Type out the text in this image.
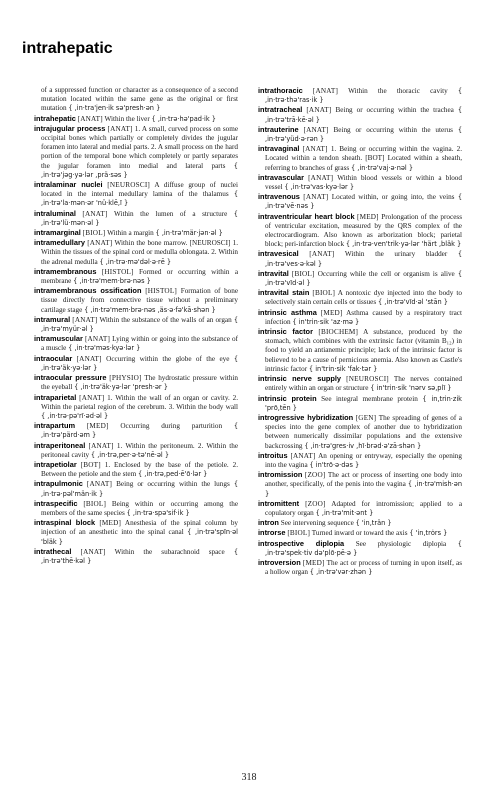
intrahepatic

of a suppressed function or character as a consequence of a second mutation located within the same gene as the original or first mutation { ,in·tra'jen·ik sə'presh·ən }

intrahepatic [ANAT] Within the liver { ,in·trə·hə'pad·ik }

intrajugular process [ANAT] 1. A small, curved process on some occipital bones which partially or completely divides the jugular foramen into lateral and medial parts. 2. A small process on the hard portion of the temporal bone which completely or partly separates the jugular foramen into medial and lateral parts { ,in·trə'jəg·yə·lər ,prä·səs }

intralaminar nuclei [NEUROSCI] A diffuse group of nuclei located in the internal medullary lamina of the thalamus { ,in·trə'la·mən·ər 'nü·klē,ī }

intraluminal [ANAT] Within the lumen of a structure { ,in·trə'lü·mən·əl }

intramarginal [BIOL] Within a margin { ,in·trə'mär·jən·əl }

intramedullary [ANAT] Within the bone marrow. [NEUROSCI] 1. Within the tissues of the spinal cord or medulla oblongata. 2. Within the adrenal medulla { ,in·trə·mə'dəl·ə·rē }

intramembranous [HISTOL] Formed or occurring within a membrane { ,in·trə'mem·brə·nəs }

intramembranous ossification [HISTOL] Formation of bone tissue directly from connective tissue without a preliminary cartilage stage { ,in·trə'mem·brə·nəs ,äs·ə·fə'kā·shən }

intramural [ANAT] Within the substance of the walls of an organ { ,in·trə'myür·əl }

intramuscular [ANAT] Lying within or going into the substance of a muscle { ,in·trə'məs·kyə·lər }

intraocular [ANAT] Occurring within the globe of the eye { ,in·trə'äk·yə·lər }

intraocular pressure [PHYSIO] The hydrostatic pressure within the eyeball { ,in·trə'äk·yə·lər 'presh·ər }

intraparietal [ANAT] 1. Within the wall of an organ or cavity. 2. Within the parietal region of the cerebrum. 3. Within the body wall { ,in·trə·pə'rī·əd·əl }

intrapartum [MED] Occurring during parturition { ,in·trə'pärd·əm }

intraperitoneal [ANAT] 1. Within the peritoneum. 2. Within the peritoneal cavity { ,in·trə,per·ə·tə'nē·əl }

intrapetiolar [BOT] 1. Enclosed by the base of the petiole. 2. Between the petiole and the stem { ,in·trə,ped·ē'ō·lər }

intrapulmonic [ANAT] Being or occurring within the lungs { ,in·trə·pəl'män·ik }

intraspecific [BIOL] Being within or occurring among the members of the same species { ,in·trə·spə'sif·ik }

intraspinal block [MED] Anesthesia of the spinal column by injection of an anesthetic into the spinal canal { ,in·trə'spīn·əl 'bläk }

intrathecal [ANAT] Within the subarachnoid space { ,in·trə'thē·kəl }

intrathoracic [ANAT] Within the thoracic cavity { ,in·trə·thə'ras·ik }

intratracheal [ANAT] Being or occurring within the trachea { ,in·trə'trā·kē·əl }

intrauterine [ANAT] Being or occurring within the uterus { ,in·trə'yüd·ə·rən }

intravaginal [ANAT] 1. Being or occurring within the vagina. 2. Located within a tendon sheath. [BOT] Located within a sheath, referring to branches of grass { ,in·trə'vaj·ə·nəl }

intravascular [ANAT] Within blood vessels or within a blood vessel { ,in·trə'vas·kyə·lər }

intravenous [ANAT] Located within, or going into, the veins { ,in·trə'vē·nəs }

intraventricular heart block [MED] Prolongation of the process of ventricular excitation, measured by the QRS complex of the electrocardiogram. Also known as arborization block; parietal block; peri-infarction block { ,in·trə·ven'trik·yə·lər 'härt ,bläk }

intravesical [ANAT] Within the urinary bladder { ,in·trə'ves·ə·kəl }

intravital [BIOL] Occurring while the cell or organism is alive { ,in·trə'vīd·əl }

intravital stain [BIOL] A nontoxic dye injected into the body to selectively stain certain cells or tissues { ,in·trə'vīd·əl 'stān }

intrinsic asthma [MED] Asthma caused by a respiratory tract infection { in'trin·sik 'az·mə }

intrinsic factor [BIOCHEM] A substance, produced by the stomach, which combines with the extrinsic factor (vitamin B₁₂) in food to yield an antianemic principle; lack of the intrinsic factor is believed to be a cause of pernicious anemia. Also known as Castle's intrinsic factor { in'trin·sik 'fak·tər }

intrinsic nerve supply [NEUROSCI] The nerves contained entirely within an organ or structure { in'trin·sik 'nərv sə,plī }

intrinsic protein See integral membrane protein { in,trin·zik 'prō,tēn }

introgressive hybridization [GEN] The spreading of genes of a species into the gene complex of another due to hybridization between numerically dissimilar populations and the extensive backcrossing { ,in·trə'gres·iv ,hī·brəd·ə'zā·shən }

introitus [ANAT] An opening or entryway, especially the opening into the vagina { in'trō·ə·dəs }

intromission [ZOO] The act or process of inserting one body into another, specifically, of the penis into the vagina { ,in·trə'mish·ən }

intromittent [ZOO] Adapted for intromission; applied to a copulatory organ { ,in·trə'mit·ənt }

intron See intervening sequence { 'in,trän }

introrse [BIOL] Turned inward or toward the axis { 'in,trȯrs }

introspective diplopia See physiologic diplopia { ,in·trə'spek·tiv də'plō·pē·ə }

introversion [MED] The act or process of turning in upon itself, as a hollow organ { ,in·trə'vər·zhən }

318
